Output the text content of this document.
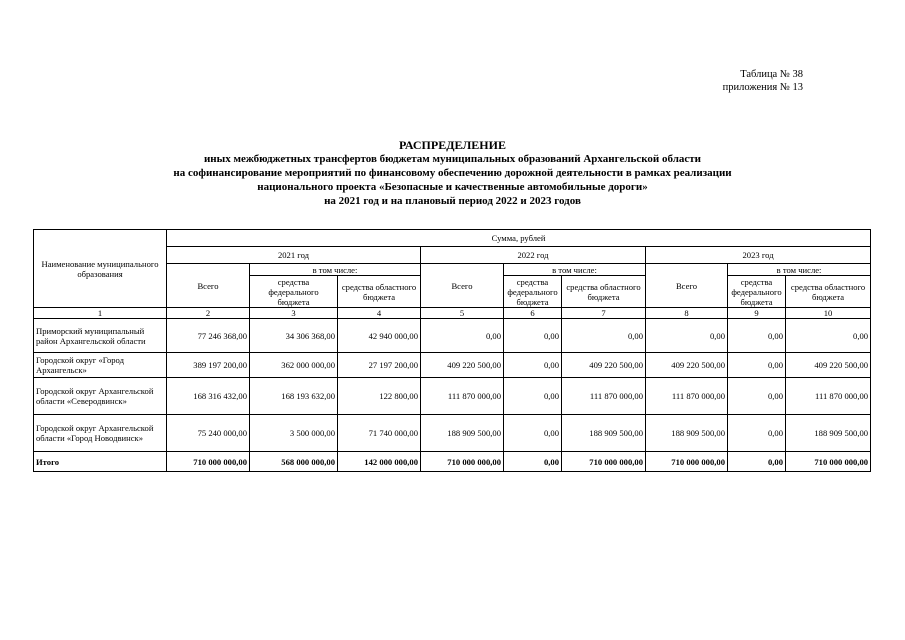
Таблица № 38
приложения № 13
РАСПРЕДЕЛЕНИЕ
иных межбюджетных трансфертов бюджетам муниципальных образований Архангельской области
на софинансирование мероприятий по финансовому обеспечению дорожной деятельности в рамках реализации
национального проекта «Безопасные и качественные автомобильные дороги»
на 2021 год и на плановый период 2022 и 2023 годов
Наименование муниципального образования	Сумма, рублей								
	2021 год			2022 год			2023 год		
	Всего	в том числе:		Всего	в том числе:		Всего	в том числе:	
		средства федерального бюджета	средства областного бюджета		средства федерального бюджета	средства областного бюджета		средства федерального бюджета	средства областного бюджета
1	2	3	4	5	6	7	8	9	10
Приморский муниципальный район Архангельской области	77 246 368,00	34 306 368,00	42 940 000,00	0,00	0,00	0,00	0,00	0,00	0,00
Городской округ «Город Архангельск»	389 197 200,00	362 000 000,00	27 197 200,00	409 220 500,00	0,00	409 220 500,00	409 220 500,00	0,00	409 220 500,00
Городской округ Архангельской области «Северодвинск»	168 316 432,00	168 193 632,00	122 800,00	111 870 000,00	0,00	111 870 000,00	111 870 000,00	0,00	111 870 000,00
Городской округ Архангельской области «Город Новодвинск»	75 240 000,00	3 500 000,00	71 740 000,00	188 909 500,00	0,00	188 909 500,00	188 909 500,00	0,00	188 909 500,00
Итого	710 000 000,00	568 000 000,00	142 000 000,00	710 000 000,00	0,00	710 000 000,00	710 000 000,00	0,00	710 000 000,00
